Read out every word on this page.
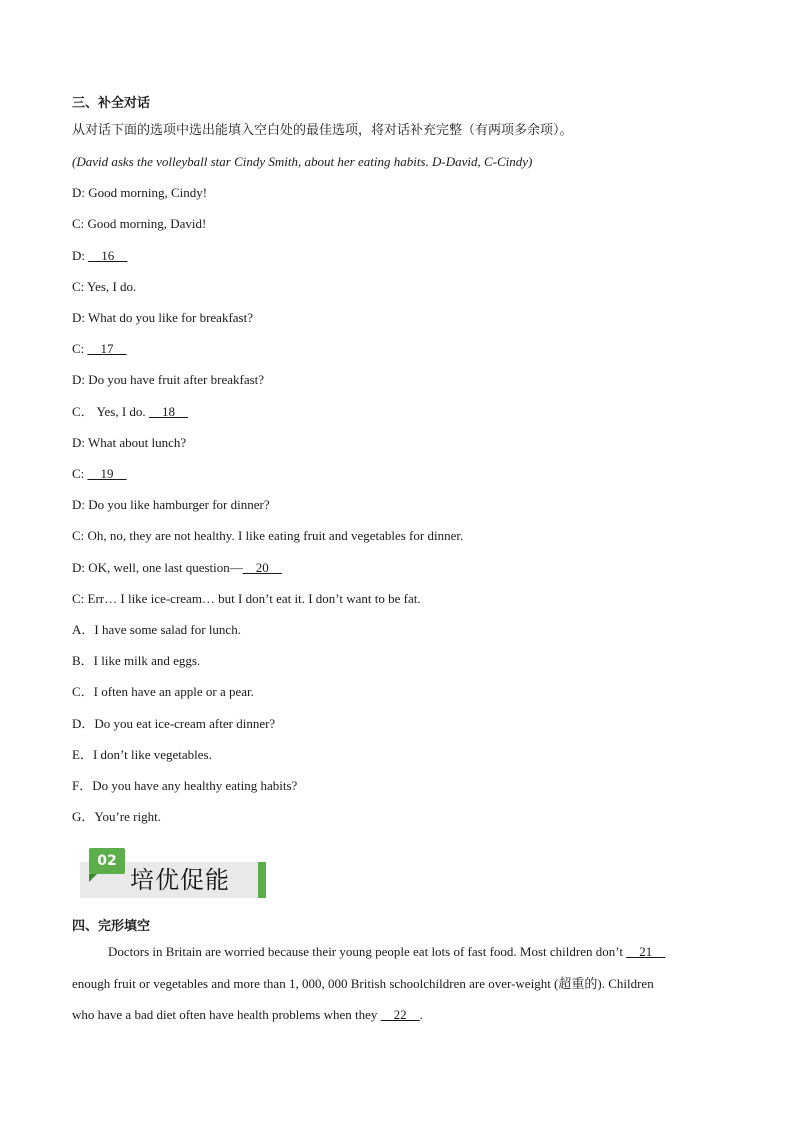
三、补全对话
从对话下面的选项中选出能填入空白处的最佳选项，将对话补充完整（有两项多余项）。
(David asks the volleyball star Cindy Smith, about her eating habits. D-David, C-Cindy)
D: Good morning, Cindy!
C: Good morning, David!
D: __16__
C: Yes, I do.
D: What do you like for breakfast?
C: __17__
D: Do you have fruit after breakfast?
C． Yes, I do. __18__
D: What about lunch?
C: __19__
D: Do you like hamburger for dinner?
C: Oh, no, they are not healthy. I like eating fruit and vegetables for dinner.
D: OK, well, one last question—__20__
C: Err… I like ice-cream… but I don’t eat it. I don’t want to be fat.
A．I have some salad for lunch.
B．I like milk and eggs.
C．I often have an apple or a pear.
D．Do you eat ice-cream after dinner?
E．I don’t like vegetables.
F．Do you have any healthy eating habits?
G．You’re right.
02
培优促能
四、完形填空
Doctors in Britain are worried because their young people eat lots of fast food. Most children don’t __21__
enough fruit or vegetables and more than 1, 000, 000 British schoolchildren are over-weight (超重的). Children
who have a bad diet often have health problems when they __22__.
